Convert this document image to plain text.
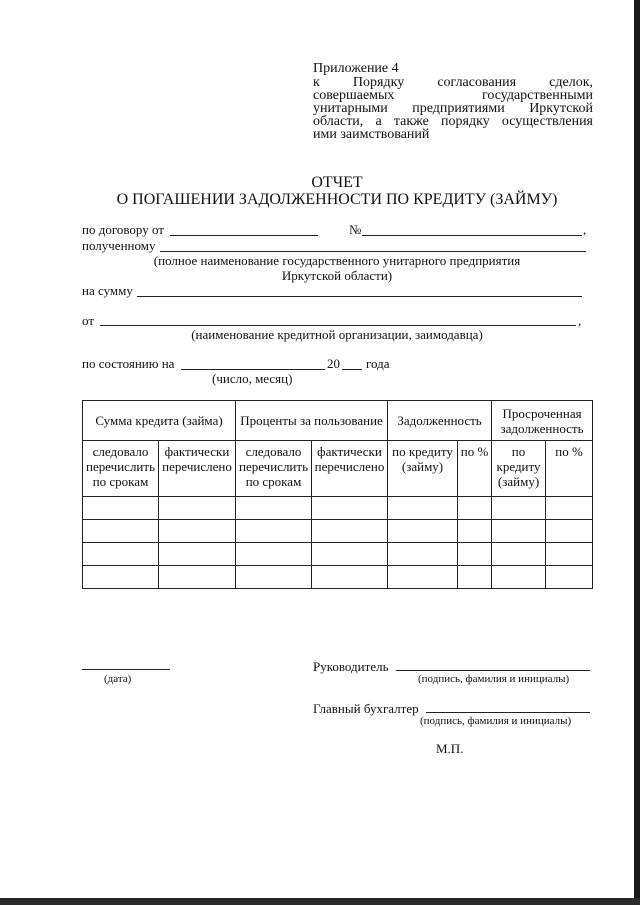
Приложение 4
к Порядку согласования сделок,
совершаемых государственными
унитарными предприятиями Иркутской
области, а также порядку осуществления
ими заимствований
ОТЧЕТ
О ПОГАШЕНИИ ЗАДОЛЖЕННОСТИ ПО КРЕДИТУ (ЗАЙМУ)
по договору от	№	,
полученному
(полное наименование государственного унитарного предприятия
Иркутской области)
на сумму
от	,
(наименование кредитной организации, заимодавца)
по состоянию на	20 года
(число, месяц)
Сумма кредита (займа)		Проценты за пользование		Задолженность		Просроченная задолженность	
следовало перечислить по срокам	фактически перечислено	следовало перечислить по срокам	фактически перечислено	по кредиту (займу)	по %	по кредиту (займу)	по %

(дата)
Руководитель
(подпись, фамилия и инициалы)
Главный бухгалтер
(подпись, фамилия и инициалы)
М.П.
